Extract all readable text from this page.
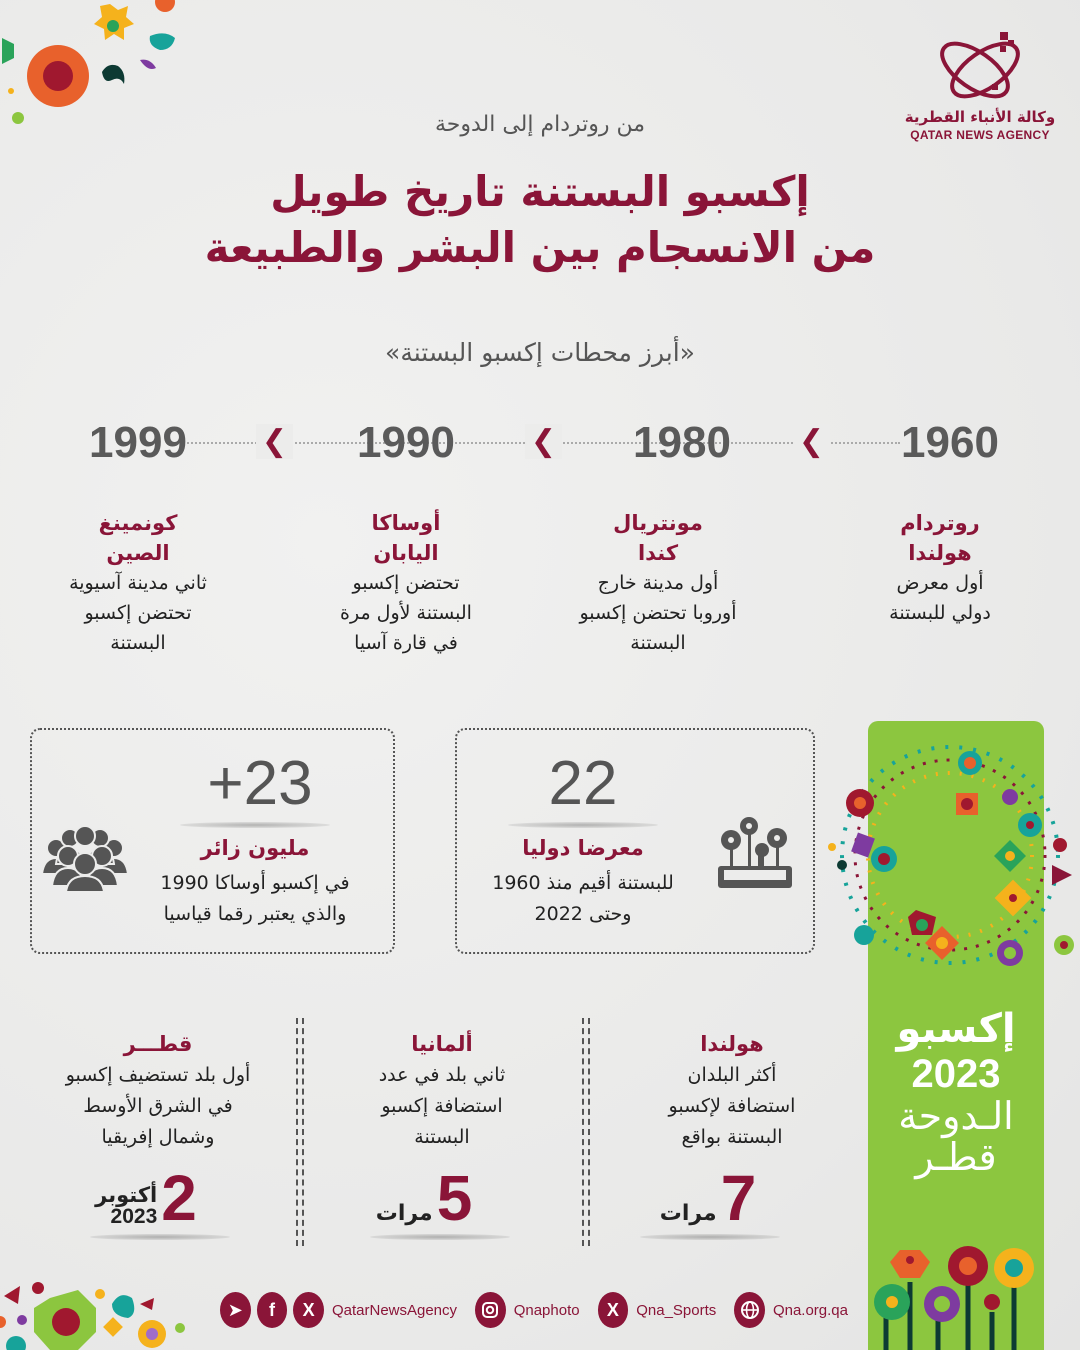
وكالة الأنباء القطرية
QATAR NEWS AGENCY
من روتردام إلى الدوحة
إكسبو البستنة تاريخ طويل
من الانسجام بين البشر والطبيعة
«أبرز محطات إكسبو البستنة»
1960
❮
1980
❮
1990
❮
1999
روتردام
هولندا
أول معرض
دولي للبستنة
مونتريال
كندا
أول مدينة خارج
أوروبا تحتضن إكسبو
البستنة
أوساكا
اليابان
تحتضن إكسبو
البستنة لأول مرة
في قارة آسيا
كونمينغ
الصين
ثاني مدينة آسيوية
تحتضن إكسبو
البستنة
22
معرضا دوليا
للبستنة أقيم منذ 1960
وحتى 2022
+23
مليون زائر
في إكسبو أوساكا 1990
والذي يعتبر رقما قياسيا
هولندا
أكثر البلدان
استضافة لإكسبو
البستنة بواقع
7
مرات
ألمانيا
ثاني بلد في عدد
استضافة إكسبو
البستنة
5
مرات
قطـــر
أول بلد تستضيف إكسبو
في الشرق الأوسط
وشمال إفريقيا
2
أكتوبر
2023
إكسبو
2023
الـدوحة
قطـر
➤	f	X	QatarNewsAgency	Qnaphoto	X	Qna_Sports	Qna.org.qa
